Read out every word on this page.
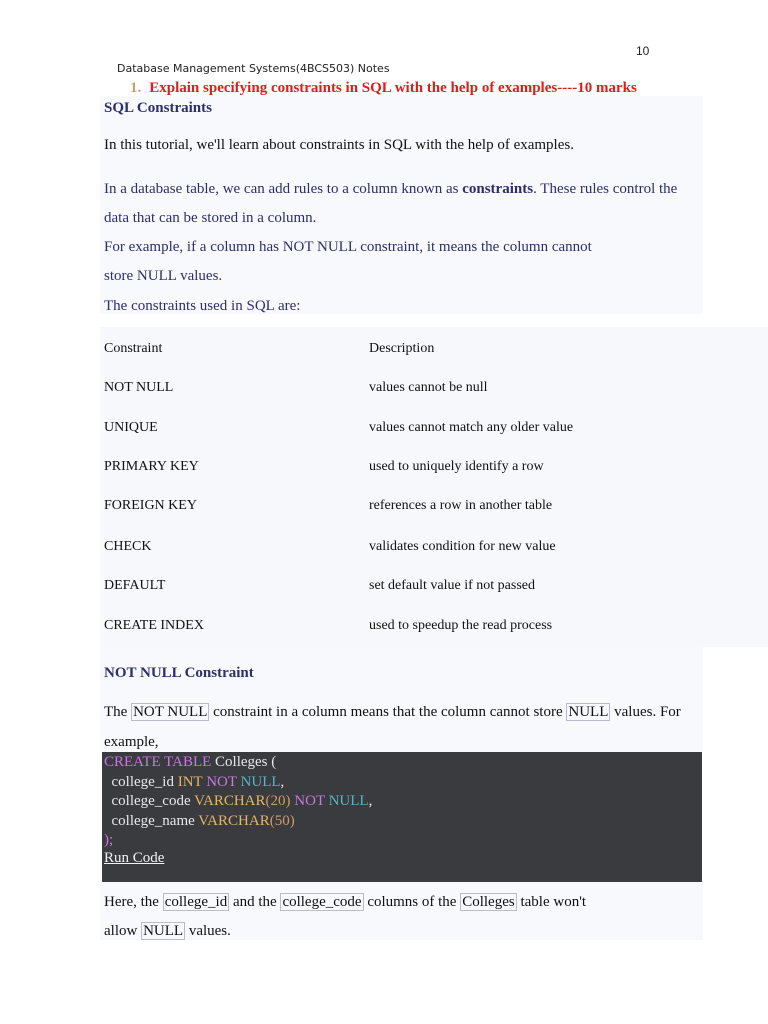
10
Database Management Systems(4BCS503) Notes
1. Explain specifying constraints in SQL with the help of examples----10 marks
SQL Constraints
In this tutorial, we'll learn about constraints in SQL with the help of examples.
In a database table, we can add rules to a column known as constraints. These rules control the
data that can be stored in a column.
For example, if a column has NOT NULL constraint, it means the column cannot
store NULL values.
The constraints used in SQL are:
Constraint	Description
NOT NULL	values cannot be null
UNIQUE	values cannot match any older value
PRIMARY KEY	used to uniquely identify a row
FOREIGN KEY	references a row in another table
CHECK	validates condition for new value
DEFAULT	set default value if not passed
CREATE INDEX	used to speedup the read process
NOT NULL Constraint
The NOT NULL constraint in a column means that the column cannot store NULL values. For
example,
CREATE TABLE Colleges (
college_id INT NOT NULL,
college_code VARCHAR(20) NOT NULL,
college_name VARCHAR(50)
);
Run Code
Here, the college_id and the college_code columns of the Colleges table won't
allow NULL values.
